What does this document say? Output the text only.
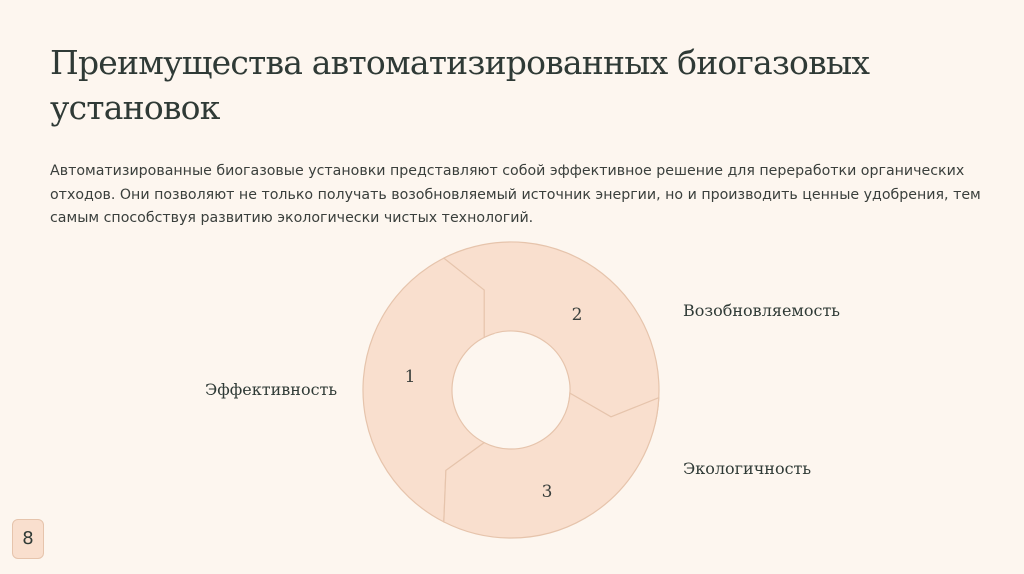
Преимущества автоматизированных биогазовых установок

Автоматизированные биогазовые установки представляют собой эффективное решение для переработки органических отходов. Они позволяют не только получать возобновляемый источник энергии, но и производить ценные удобрения, тем самым способствуя развитию экологически чистых технологий.

1
2
3

Эффективность

Возобновляемость

Экологичность

8
